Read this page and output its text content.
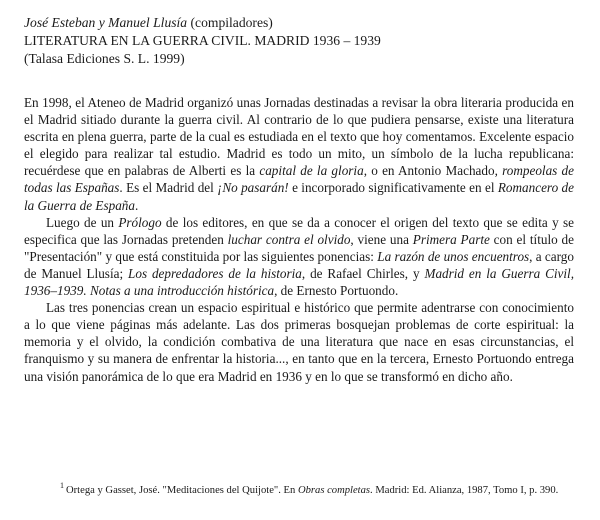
José Esteban y Manuel Llusía (compiladores)
LITERATURA EN LA GUERRA CIVIL. MADRID 1936 – 1939
(Talasa Ediciones S. L. 1999)

En 1998, el Ateneo de Madrid organizó unas Jornadas destinadas a revisar la obra literaria producida en el Madrid sitiado durante la guerra civil. Al contrario de lo que pudiera pensarse, existe una literatura escrita en plena guerra, parte de la cual es estudiada en el texto que hoy comentamos. Excelente espacio el elegido para realizar tal estudio. Madrid es todo un mito, un símbolo de la lucha republicana: recuérdese que en palabras de Alberti es la capital de la gloria, o en Antonio Machado, rompeolas de todas las Españas. Es el Madrid del ¡No pasarán! e incorporado significativamente en el Romancero de la Guerra de España.

Luego de un Prólogo de los editores, en que se da a conocer el origen del texto que se edita y se especifica que las Jornadas pretenden luchar contra el olvido, viene una Primera Parte con el título de "Presentación" y que está constituida por las siguientes ponencias: La razón de unos encuentros, a cargo de Manuel Llusía; Los depredadores de la historia, de Rafael Chirles, y Madrid en la Guerra Civil, 1936–1939. Notas a una introducción histórica, de Ernesto Portuondo.

Las tres ponencias crean un espacio espiritual e histórico que permite adentrarse con conocimiento a lo que viene páginas más adelante. Las dos primeras bosquejan problemas de corte espiritual: la memoria y el olvido, la condición combativa de una literatura que nace en esas circunstancias, el franquismo y su manera de enfrentar la historia..., en tanto que en la tercera, Ernesto Portuondo entrega una visión panorámica de lo que era Madrid en 1936 y en lo que se transformó en dicho año.

$^1$ Ortega y Gasset, José. "Meditaciones del Quijote". En Obras completas. Madrid: Ed. Alianza, 1987, Tomo I, p. 390.
